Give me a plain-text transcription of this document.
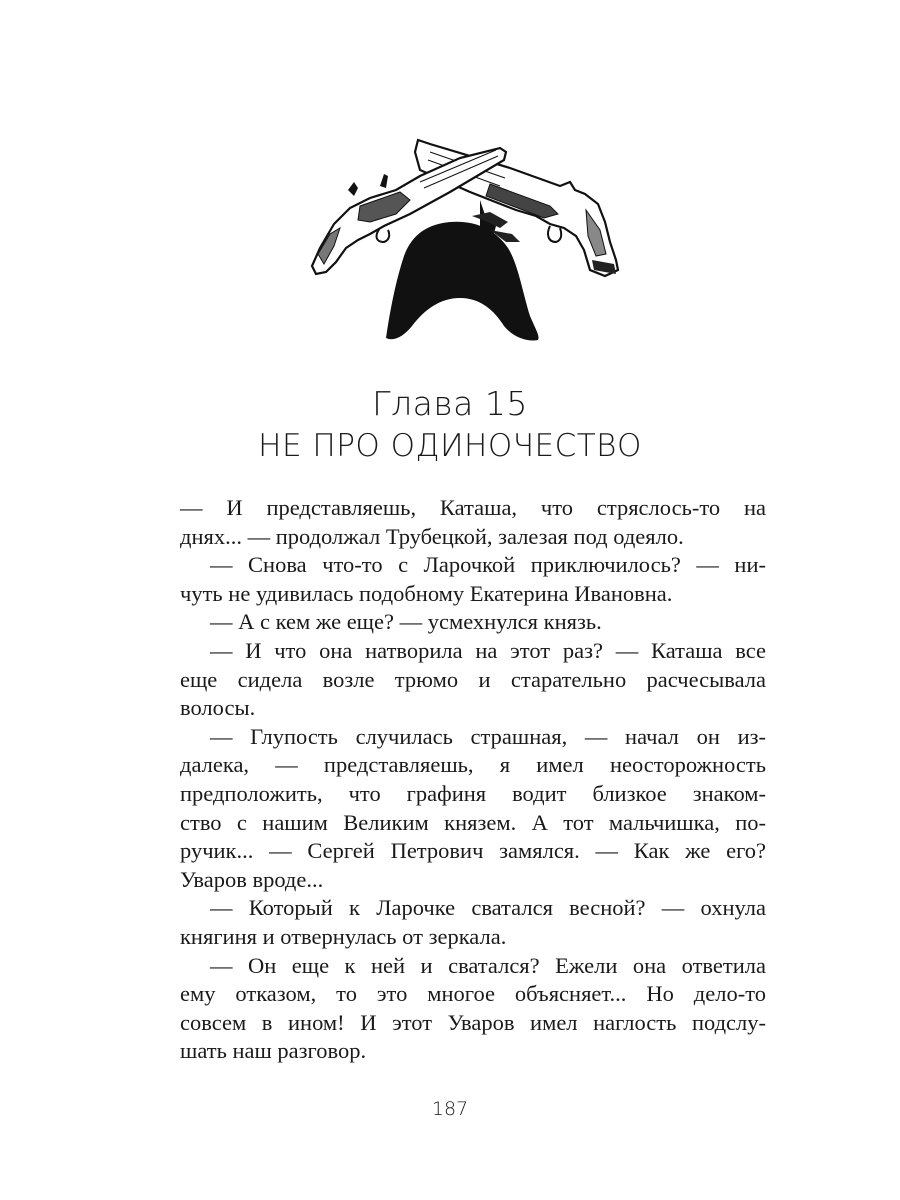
Глава 15
НЕ ПРО ОДИНОЧЕСТВО
— И представляешь, Каташа, что стряслось-то на
днях... — продолжал Трубецкой, залезая под одеяло.
— Снова что-то с Ларочкой приключилось? — ни-
чуть не удивилась подобному Екатерина Ивановна.
— А с кем же еще? — усмехнулся князь.
— И что она натворила на этот раз? — Каташа все
еще сидела возле трюмо и старательно расчесывала
волосы.
— Глупость случилась страшная, — начал он из-
далека, — представляешь, я имел неосторожность
предположить, что графиня водит близкое знаком-
ство с нашим Великим князем. А тот мальчишка, по-
ручик... — Сергей Петрович замялся. — Как же его?
Уваров вроде...
— Который к Ларочке сватался весной? — охнула
княгиня и отвернулась от зеркала.
— Он еще к ней и сватался? Ежели она ответила
ему отказом, то это многое объясняет... Но дело-то
совсем в ином! И этот Уваров имел наглость подслу-
шать наш разговор.
187
